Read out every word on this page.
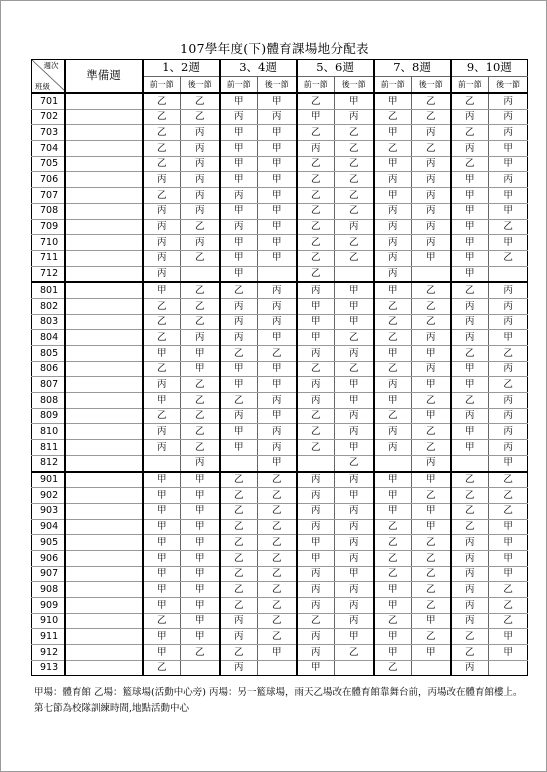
107學年度(下)體育課場地分配表
週次
班級	準備週	1、2週		3、4週		5、6週		7、8週		9、10週	
		前一節	後一節	前一節	後一節	前一節	後一節	前一節	後一節	前一節	後一節
701		乙	乙	甲	甲	乙	甲	甲	乙	乙	丙
702		乙	乙	丙	丙	甲	丙	乙	乙	丙	丙
703		乙	丙	甲	甲	乙	乙	甲	丙	乙	丙
704		乙	丙	甲	甲	丙	乙	乙	乙	丙	甲
705		乙	丙	甲	甲	乙	乙	甲	丙	乙	甲
706		丙	丙	甲	甲	乙	乙	丙	丙	甲	丙
707		乙	丙	丙	甲	乙	乙	甲	丙	甲	甲
708		丙	丙	甲	甲	乙	乙	丙	丙	甲	甲
709		丙	乙	丙	甲	乙	丙	丙	丙	甲	乙
710		丙	丙	甲	甲	乙	乙	丙	丙	甲	甲
711		丙	乙	甲	甲	乙	乙	丙	甲	甲	乙
712		丙		甲		乙		丙		甲	
801		甲	乙	乙	丙	丙	甲	甲	乙	乙	丙
802		乙	乙	丙	丙	甲	甲	乙	乙	丙	丙
803		乙	乙	丙	丙	甲	甲	乙	乙	丙	丙
804		乙	丙	丙	甲	甲	乙	乙	丙	丙	甲
805		甲	甲	乙	乙	丙	丙	甲	甲	乙	乙
806		乙	甲	甲	甲	乙	乙	乙	丙	甲	丙
807		丙	乙	甲	甲	丙	甲	丙	甲	甲	乙
808		甲	乙	乙	丙	丙	甲	甲	乙	乙	丙
809		乙	乙	丙	甲	乙	丙	乙	甲	丙	丙
810		丙	乙	甲	丙	乙	丙	丙	乙	甲	丙
811		丙	乙	甲	丙	乙	甲	丙	乙	甲	丙
812			丙		甲		乙		丙		甲
901		甲	甲	乙	乙	丙	丙	甲	甲	乙	乙
902		甲	甲	乙	乙	丙	甲	甲	乙	乙	乙
903		甲	甲	乙	乙	丙	丙	甲	甲	乙	乙
904		甲	甲	乙	乙	丙	丙	乙	甲	乙	甲
905		甲	甲	乙	乙	甲	丙	乙	乙	丙	甲
906		甲	甲	乙	乙	甲	丙	乙	乙	丙	甲
907		甲	甲	乙	乙	丙	甲	乙	乙	丙	甲
908		甲	甲	乙	乙	丙	丙	甲	乙	丙	乙
909		甲	甲	乙	乙	丙	丙	甲	乙	丙	乙
910		乙	甲	丙	乙	乙	丙	乙	甲	丙	乙
911		甲	甲	丙	乙	丙	甲	甲	乙	乙	甲
912		甲	乙	乙	甲	丙	乙	甲	甲	乙	甲
913		乙		丙		甲		乙		丙	

甲場：體育館 乙場：籃球場(活動中心旁) 丙場：另一籃球場，雨天乙場改在體育館靠舞台前，丙場改在體育館樓上。

第七節為校隊訓練時間,地點活動中心
